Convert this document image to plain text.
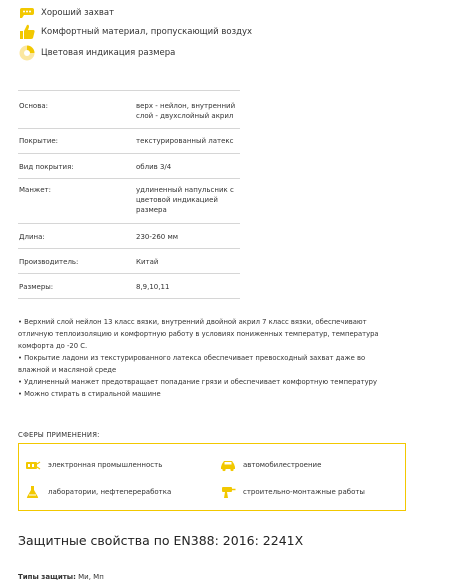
Хороший захват
Комфортный материал, пропускающий воздух
Цветовая индикация размера
Основа:	верх - нейлон, внутренний
слой - двухслойный акрил

Покрытие:	текстурированный латекс
Вид покрытия:	облив 3/4
Манжет:	удлиненный напульсник с
цветовой индикацией
размера

Длина:	230-260 мм
Производитель:	Китай
Размеры:	8,9,10,11
• Верхний слой нейлон 13 класс вязки, внутренний двойной акрил 7 класс вязки, обеспечивают
отличную теплоизоляцию и комфортную работу в условиях пониженных температур, температура
комфорта до -20 С.
• Покрытие ладони из текстурированного латекса обеспечивает превосходный захват даже во
влажной и масляной среде
• Удлиненный манжет предотвращает попадание грязи и обеспечивает комфортную температуру
• Можно стирать в стиральной машине
СФЕРЫ ПРИМЕНЕНИЯ:
электронная промышленность	автомобилестроение
лаборатории, нефтепереработка	строительно-монтажные работы
Защитные свойства по EN388: 2016: 2241X
Типы защиты: Ми, Мп
